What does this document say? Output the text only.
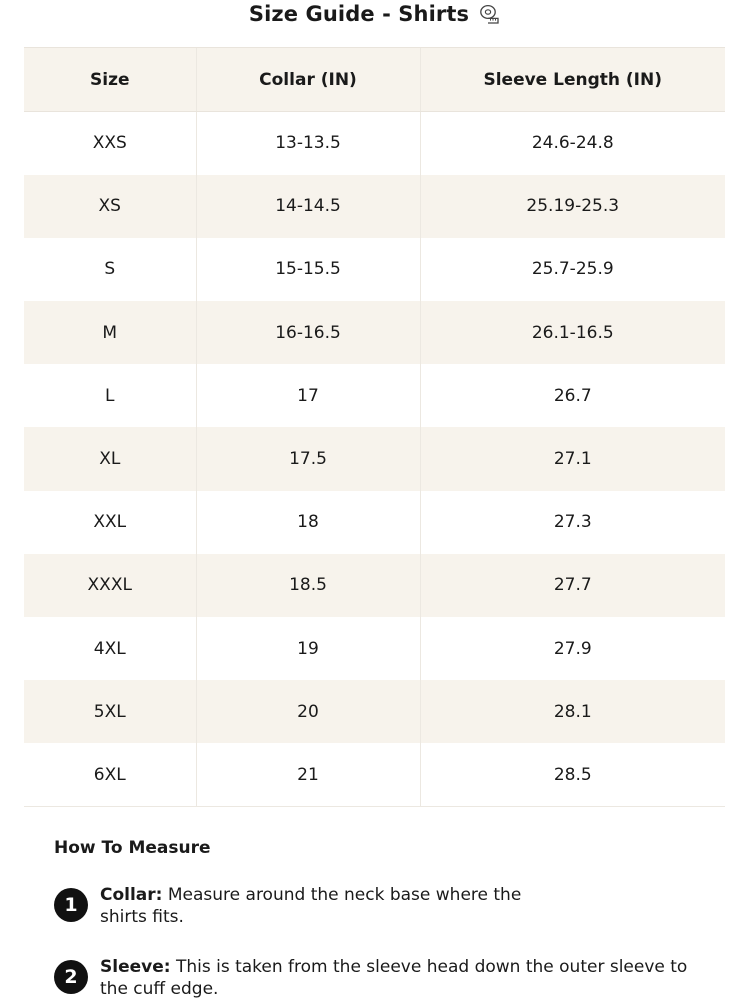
Size Guide - Shirts
Size	Collar (IN)	Sleeve Length (IN)
XXS	13-13.5	24.6-24.8
XS	14-14.5	25.19-25.3
S	15-15.5	25.7-25.9
M	16-16.5	26.1-16.5
L	17	26.7
XL	17.5	27.1
XXL	18	27.3
XXXL	18.5	27.7
4XL	19	27.9
5XL	20	28.1
6XL	21	28.5
How To Measure
1	Collar: Measure around the neck base where the shirts fits.
2	Sleeve: This is taken from the sleeve head down the outer sleeve to the cuff edge.
